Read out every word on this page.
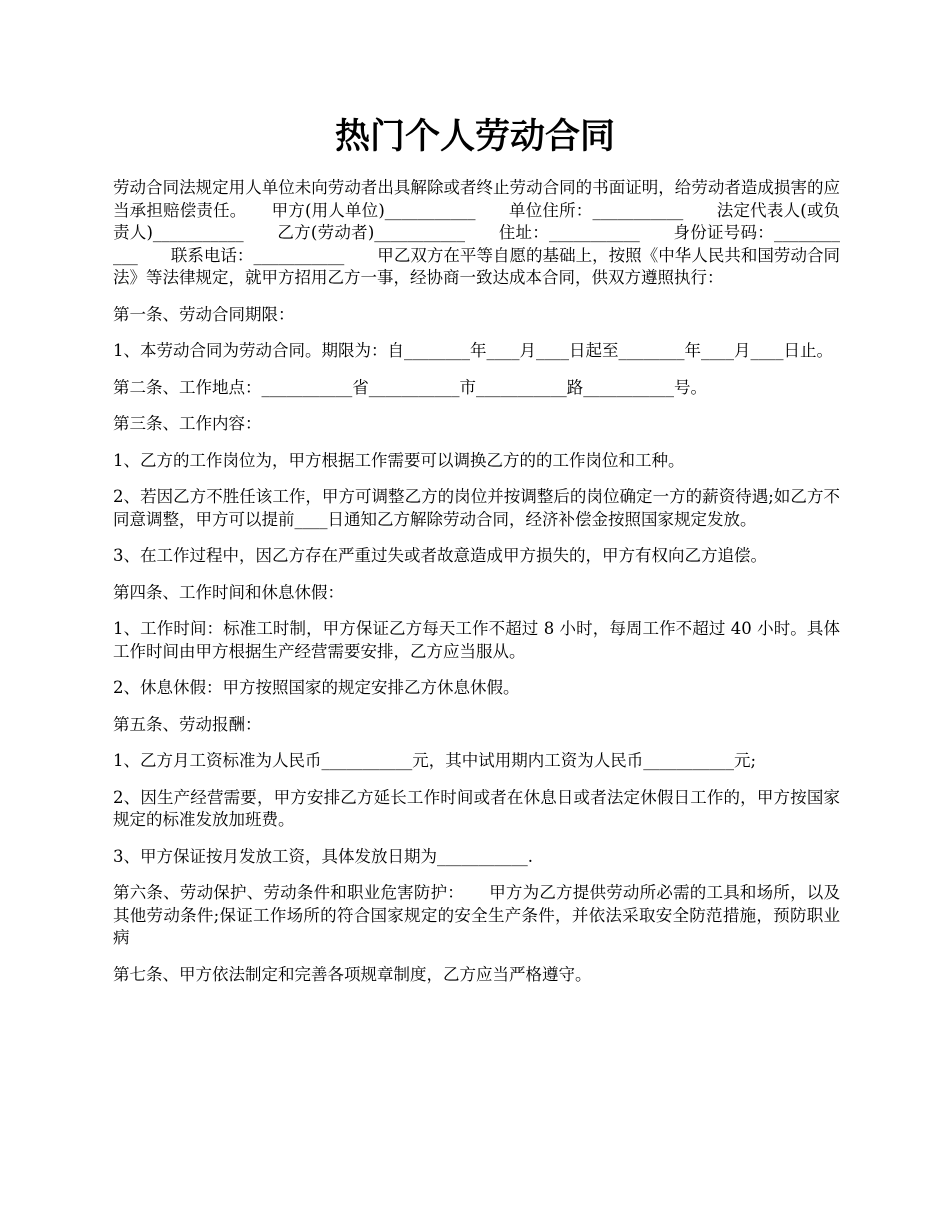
热门个人劳动合同

劳动合同法规定用人单位未向劳动者出具解除或者终止劳动合同的书面证明，给劳动者造成损害的应当承担赔偿责任。　　甲方(用人单位)___________　　单位住所：___________　　法定代表人(或负责人)___________　　乙方(劳动者)___________　　住址：___________　　身份证号码：___________　　联系电话：___________　　甲乙双方在平等自愿的基础上，按照《中华人民共和国劳动合同法》等法律规定，就甲方招用乙方一事，经协商一致达成本合同，供双方遵照执行：

第一条、劳动合同期限：

1、本劳动合同为劳动合同。期限为：自________年____月____日起至________年____月____日止。

第二条、工作地点：___________省___________市___________路___________号。

第三条、工作内容：

1、乙方的工作岗位为，甲方根据工作需要可以调换乙方的的工作岗位和工种。

2、若因乙方不胜任该工作，甲方可调整乙方的岗位并按调整后的岗位确定一方的薪资待遇;如乙方不同意调整，甲方可以提前____日通知乙方解除劳动合同，经济补偿金按照国家规定发放。

3、在工作过程中，因乙方存在严重过失或者故意造成甲方损失的，甲方有权向乙方追偿。

第四条、工作时间和休息休假：

1、工作时间：标准工时制，甲方保证乙方每天工作不超过 8 小时，每周工作不超过 40 小时。具体工作时间由甲方根据生产经营需要安排，乙方应当服从。

2、休息休假：甲方按照国家的规定安排乙方休息休假。

第五条、劳动报酬：

1、乙方月工资标准为人民币___________元，其中试用期内工资为人民币___________元;

2、因生产经营需要，甲方安排乙方延长工作时间或者在休息日或者法定休假日工作的，甲方按国家规定的标准发放加班费。

3、甲方保证按月发放工资，具体发放日期为___________.

第六条、劳动保护、劳动条件和职业危害防护：　　甲方为乙方提供劳动所必需的工具和场所，以及其他劳动条件;保证工作场所的符合国家规定的安全生产条件，并依法采取安全防范措施，预防职业病

第七条、甲方依法制定和完善各项规章制度，乙方应当严格遵守。
